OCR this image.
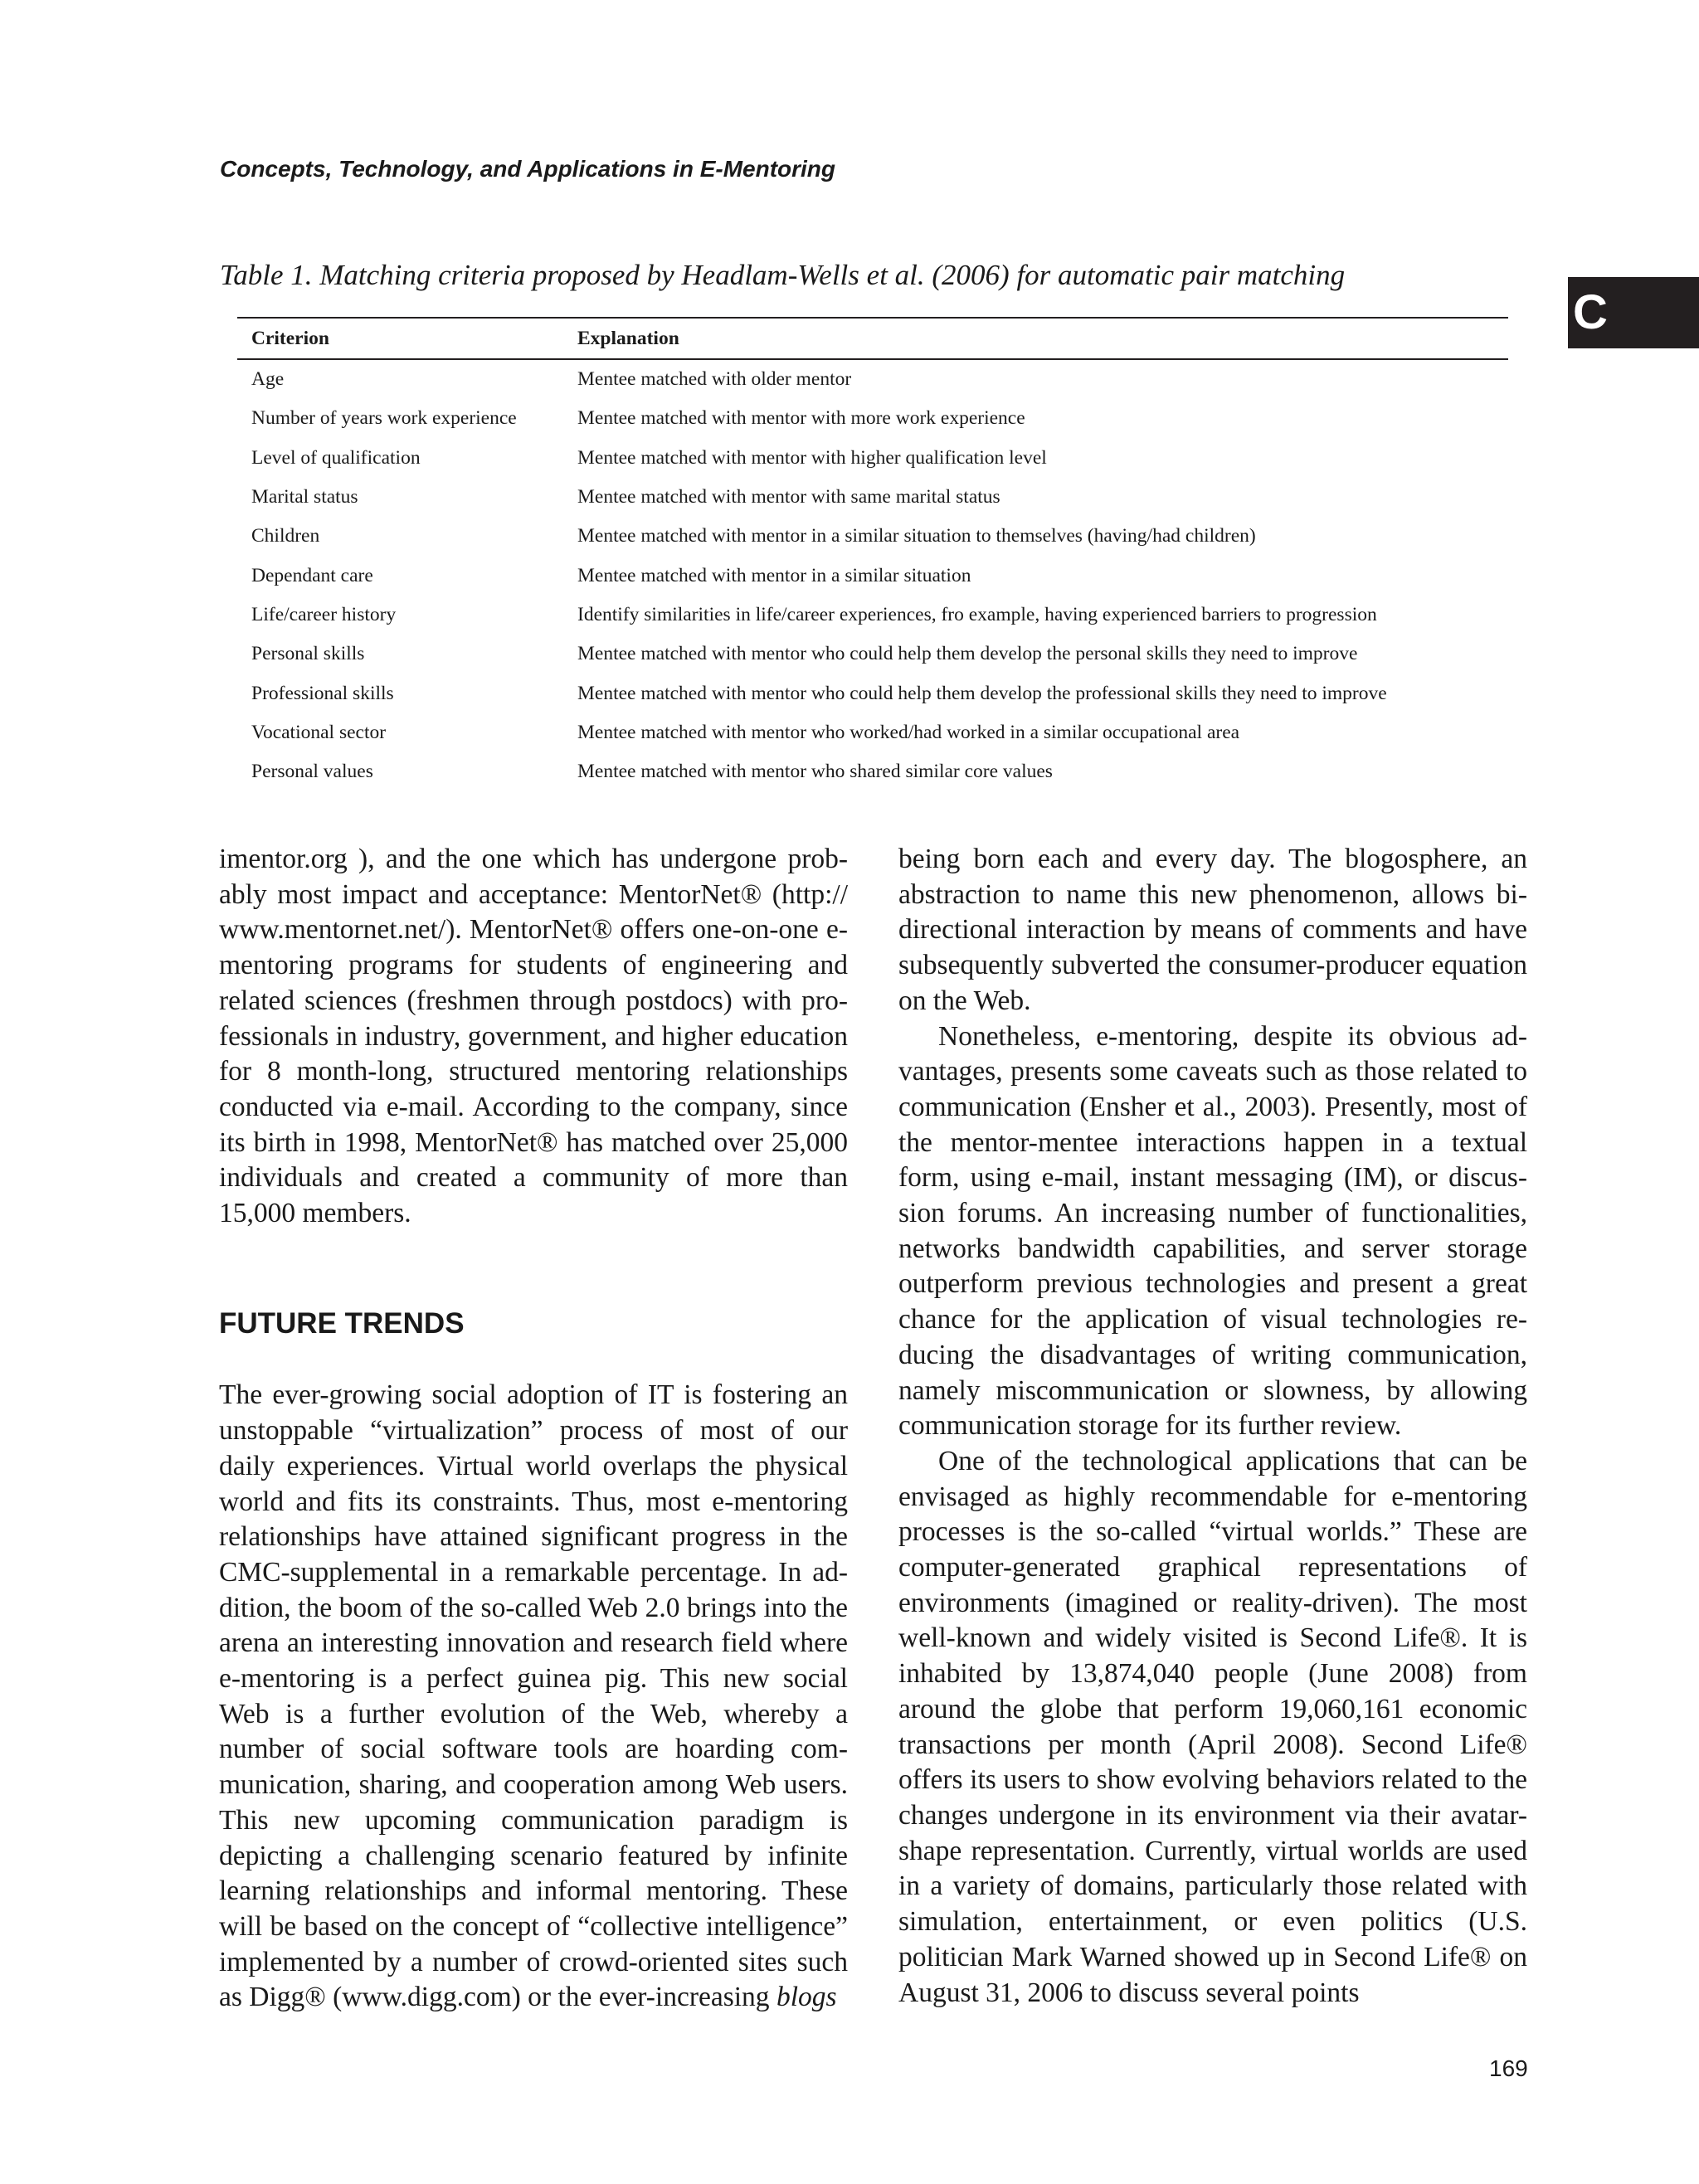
Concepts, Technology, and Applications in E-Mentoring
C
Table 1. Matching criteria proposed by Headlam-Wells et al. (2006) for automatic pair matching
Criterion	Explanation
Age	Mentee matched with older mentor
Number of years work experience	Mentee matched with mentor with more work experience
Level of qualification	Mentee matched with mentor with higher qualification level
Marital status	Mentee matched with mentor with same marital status
Children	Mentee matched with mentor in a similar situation to themselves (having/had children)
Dependant care	Mentee matched with mentor in a similar situation
Life/career history	Identify similarities in life/career experiences, fro example, having experienced barriers to progression
Personal skills	Mentee matched with mentor who could help them develop the personal skills they need to improve
Professional skills	Mentee matched with mentor who could help them develop the professional skills they need to improve
Vocational sector	Mentee matched with mentor who worked/had worked in a similar occupational area
Personal values	Mentee matched with mentor who shared similar core values

imentor.org ), and the one which has undergone probably most impact and acceptance: MentorNet® (http:// www.mentornet.net/). MentorNet® offers one-on-one e-mentoring programs for students of engineering and related sciences (freshmen through postdocs) with professionals in industry, government, and higher education for 8 month-long, structured mentoring relationships conducted via e-mail. According to the company, since its birth in 1998, MentorNet® has matched over 25,000 individuals and created a community of more than 15,000 members.

FUTURE TRENDS

The ever-growing social adoption of IT is fostering an unstoppable “virtualization” process of most of our daily experiences. Virtual world overlaps the physical world and fits its constraints. Thus, most e-mentoring relationships have attained significant progress in the CMC-supplemental in a remarkable percentage. In addition, the boom of the so-called Web 2.0 brings into the arena an interesting innovation and research field where e-mentoring is a perfect guinea pig. This new social Web is a further evolution of the Web, whereby a number of social software tools are hoarding communication, sharing, and cooperation among Web users. This new upcoming communication paradigm is depicting a challenging scenario featured by infinite learning relationships and informal mentoring. These will be based on the concept of “collective intelligence” implemented by a number of crowd-oriented sites such as Digg® (www.digg.com) or the ever-increasing blogs

being born each and every day. The blogosphere, an abstraction to name this new phenomenon, allows bi-directional interaction by means of comments and have subsequently subverted the consumer-producer equation on the Web.

Nonetheless, e-mentoring, despite its obvious advantages, presents some caveats such as those related to communication (Ensher et al., 2003). Presently, most of the mentor-mentee interactions happen in a textual form, using e-mail, instant messaging (IM), or discussion forums. An increasing number of functionalities, networks bandwidth capabilities, and server storage outperform previous technologies and present a great chance for the application of visual technologies reducing the disadvantages of writing communication, namely miscommunication or slowness, by allowing communication storage for its further review.

One of the technological applications that can be envisaged as highly recommendable for e-mentoring processes is the so-called “virtual worlds.” These are computer-generated graphical representations of environments (imagined or reality-driven). The most well-known and widely visited is Second Life®. It is inhabited by 13,874,040 people (June 2008) from around the globe that perform 19,060,161 economic transactions per month (April 2008). Second Life® offers its users to show evolving behaviors related to the changes undergone in its environment via their avatar-shape representation. Currently, virtual worlds are used in a variety of domains, particularly those related with simulation, entertainment, or even politics (U.S. politician Mark Warned showed up in Second Life® on August 31, 2006 to discuss several points

169
